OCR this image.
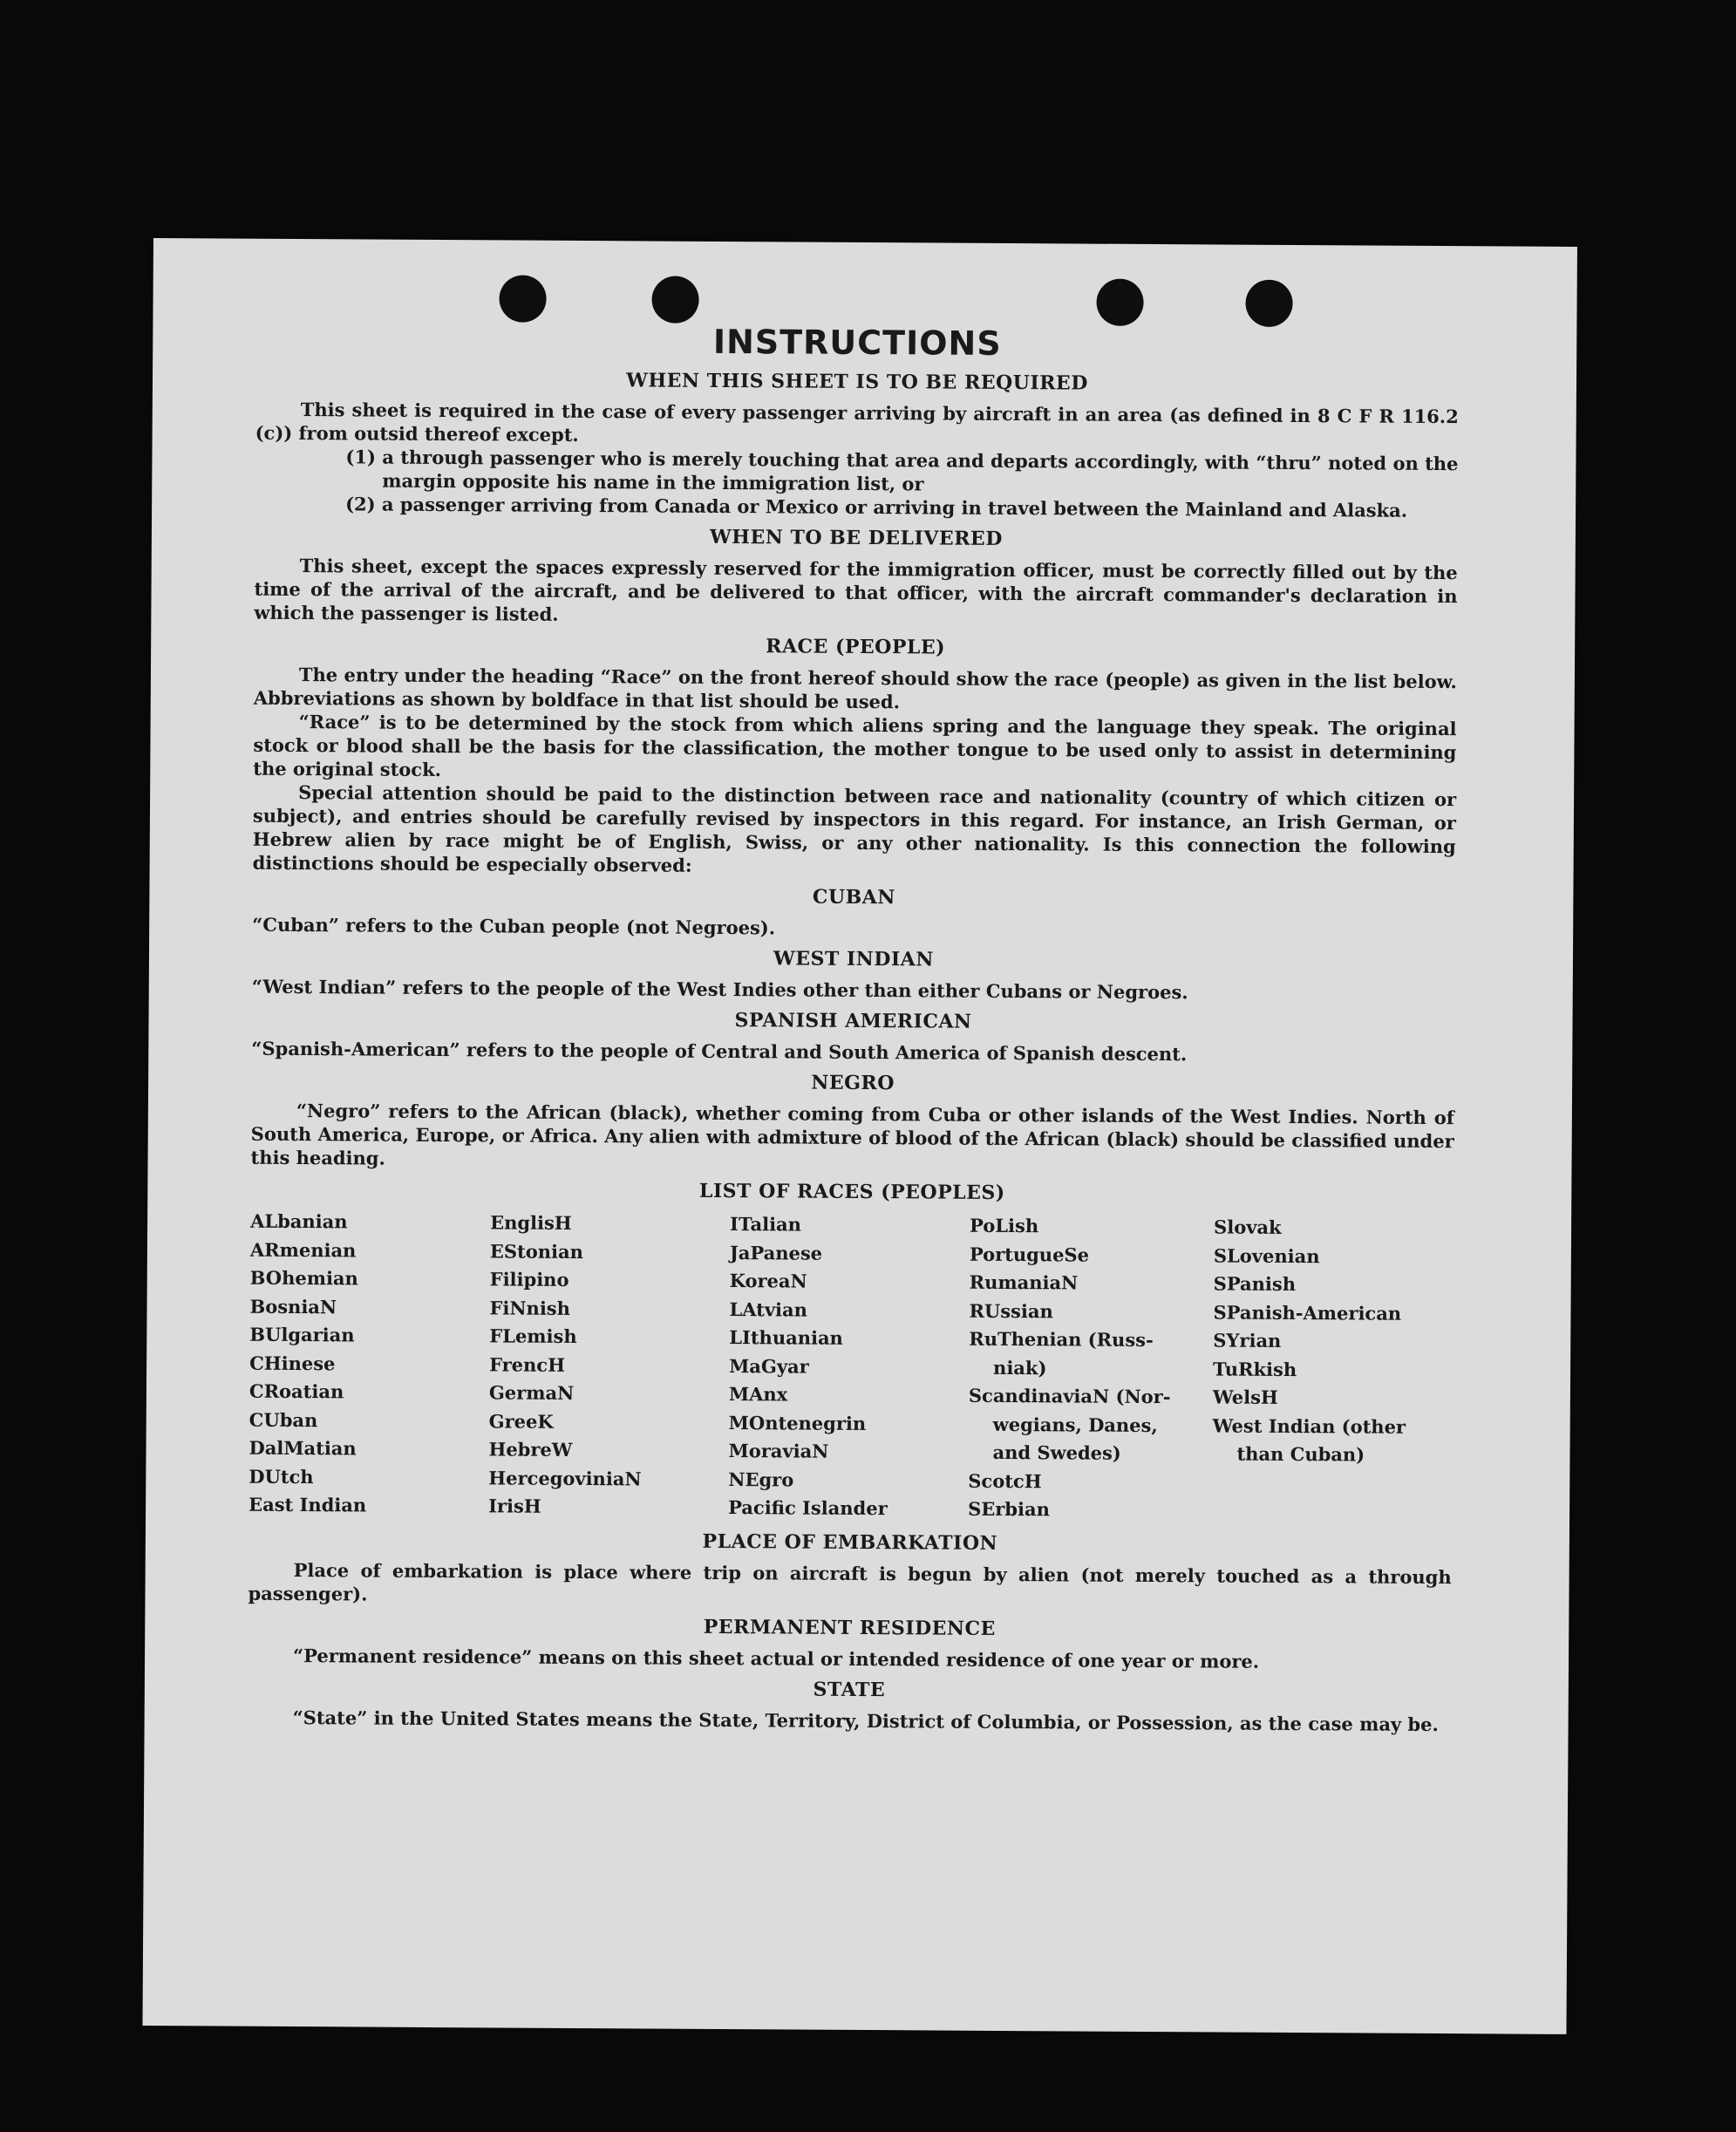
INSTRUCTIONS
WHEN THIS SHEET IS TO BE REQUIRED

This sheet is required in the case of every passenger arriving by aircraft in an area (as defined in 8 C F R 116.2 (c)) from outsid thereof except.

(1) a through passenger who is merely touching that area and departs accordingly, with “thru” noted on the margin opposite his name in the immigration list, or

(2) a passenger arriving from Canada or Mexico or arriving in travel between the Mainland and Alaska.

WHEN TO BE DELIVERED

This sheet, except the spaces expressly reserved for the immigration officer, must be correctly filled out by the time of the arrival of the aircraft, and be delivered to that officer, with the aircraft commander's declaration in which the passenger is listed.

RACE (PEOPLE)

The entry under the heading “Race” on the front hereof should show the race (people) as given in the list below. Abbreviations as shown by boldface in that list should be used.

“Race” is to be determined by the stock from which aliens spring and the language they speak. The original stock or blood shall be the basis for the classification, the mother tongue to be used only to assist in determining the original stock.

Special attention should be paid to the distinction between race and nationality (country of which citizen or subject), and entries should be carefully revised by inspectors in this regard. For instance, an Irish German, or Hebrew alien by race might be of English, Swiss, or any other nationality. Is this connection the following distinctions should be especially observed:

CUBAN

“Cuban” refers to the Cuban people (not Negroes).

WEST INDIAN

“West Indian” refers to the people of the West Indies other than either Cubans or Negroes.

SPANISH AMERICAN

“Spanish-American” refers to the people of Central and South America of Spanish descent.

NEGRO

“Negro” refers to the African (black), whether coming from Cuba or other islands of the West Indies. North of South America, Europe, or Africa. Any alien with admixture of blood of the African (black) should be classified under this heading.

LIST OF RACES (PEOPLES)
ALbanian
ARmenian
BOhemian
BosniaN
BUlgarian
CHinese
CRoatian
CUban
DalMatian
DUtch
East Indian
EnglisH
EStonian
Filipino
FiNnish
FLemish
FrencH
GermaN
GreeK
HebreW
HercegoviniaN
IrisH
ITalian
JaPanese
KoreaN
LAtvian
LIthuanian
MaGyar
MAnx
MOntenegrin
MoraviaN
NEgro
Pacific Islander
PoLish
PortugueSe
RumaniaN
RUssian
RuThenian (Russ-
niak)
ScandinaviaN (Nor-
wegians, Danes,
and Swedes)
ScotcH
SErbian
Slovak
SLovenian
SPanish
SPanish-American
SYrian
TuRkish
WelsH
West Indian (other
than Cuban)
PLACE OF EMBARKATION

Place of embarkation is place where trip on aircraft is begun by alien (not merely touched as a through passenger).

PERMANENT RESIDENCE

“Permanent residence” means on this sheet actual or intended residence of one year or more.

STATE

“State” in the United States means the State, Territory, District of Columbia, or Possession, as the case may be.
